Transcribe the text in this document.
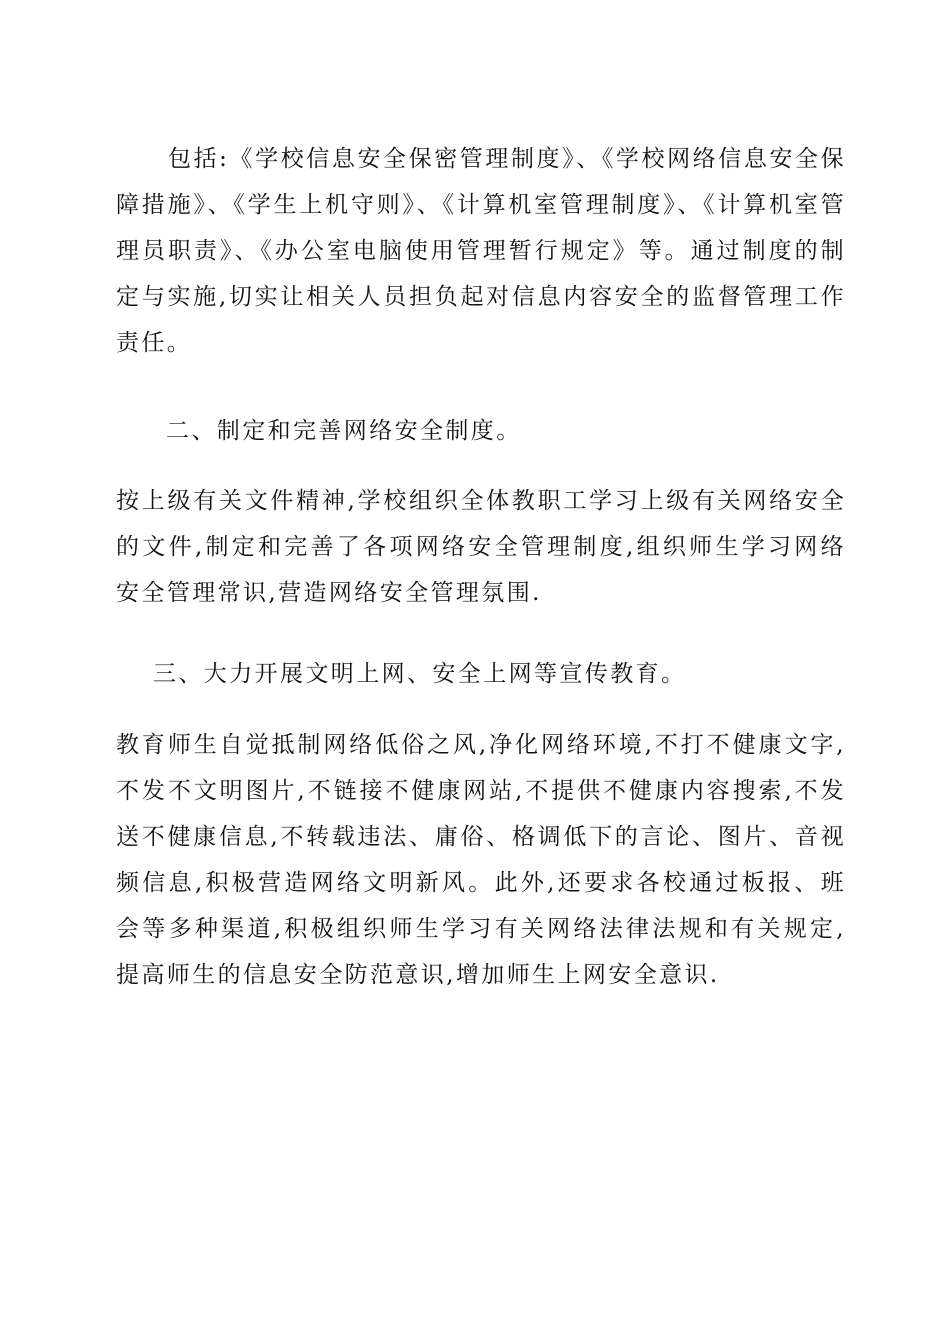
包括:《学校信息安全保密管理制度》、《学校网络信息安全保障措施》、《学生上机守则》、《计算机室管理制度》、《计算机室管理员职责》、《办公室电脑使用管理暂行规定》等。通过制度的制定与实施,切实让相关人员担负起对信息内容安全的监督管理工作责任。

二、制定和完善网络安全制度。

按上级有关文件精神,学校组织全体教职工学习上级有关网络安全的文件,制定和完善了各项网络安全管理制度,组织师生学习网络安全管理常识,营造网络安全管理氛围.

三、大力开展文明上网、安全上网等宣传教育。

教育师生自觉抵制网络低俗之风,净化网络环境,不打不健康文字,不发不文明图片,不链接不健康网站,不提供不健康内容搜索,不发送不健康信息,不转载违法、庸俗、格调低下的言论、图片、音视频信息,积极营造网络文明新风。此外,还要求各校通过板报、班会等多种渠道,积极组织师生学习有关网络法律法规和有关规定,提高师生的信息安全防范意识,增加师生上网安全意识.
